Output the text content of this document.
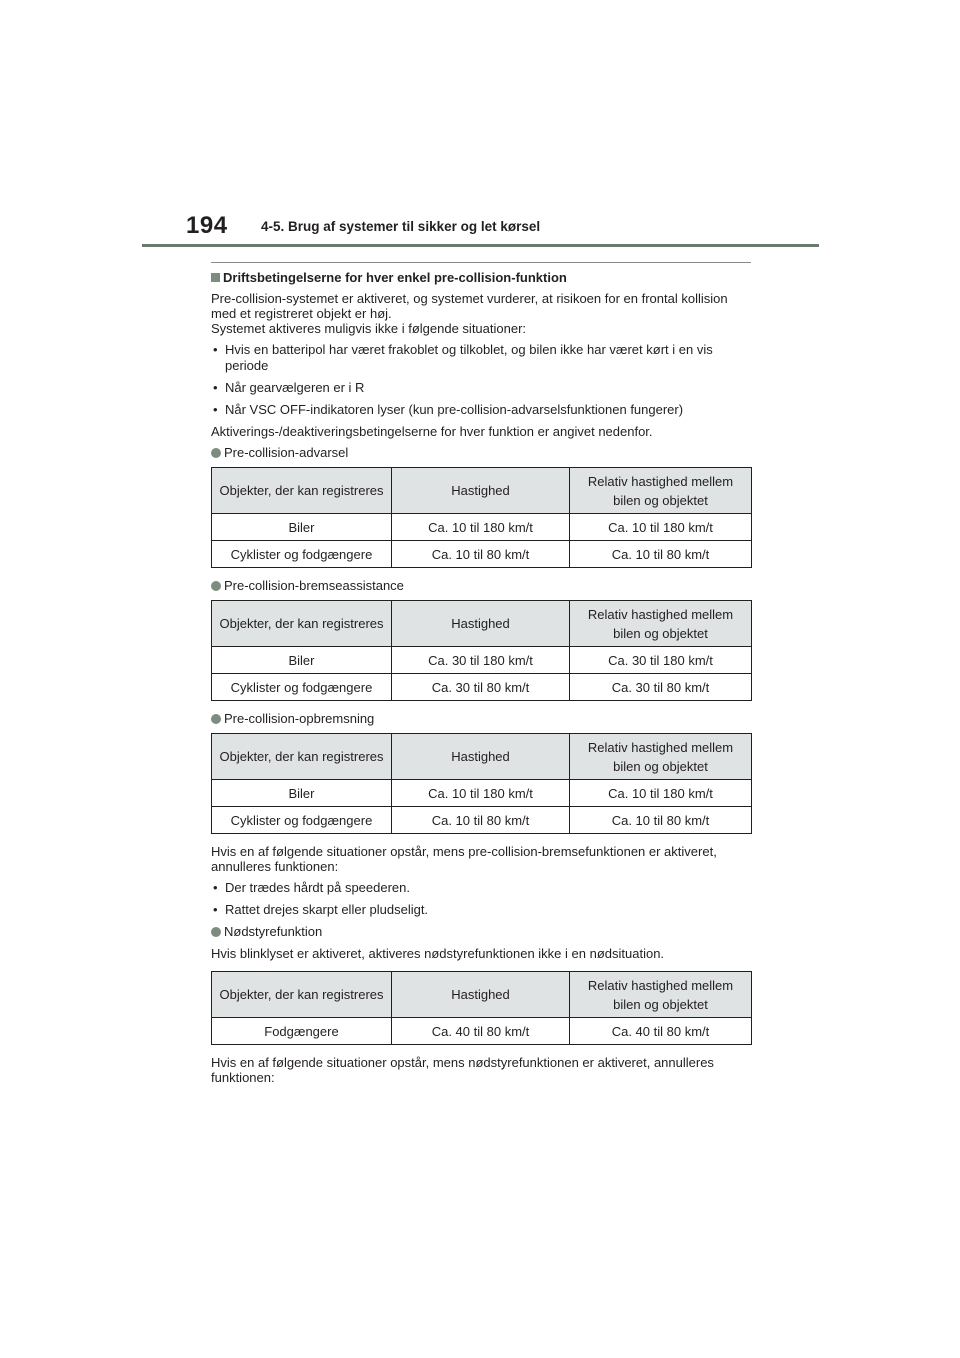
194 4-5. Brug af systemer til sikker og let kørsel
Driftsbetingelserne for hver enkel pre-collision-funktion

Pre-collision-systemet er aktiveret, og systemet vurderer, at risikoen for en frontal kollision med et registreret objekt er høj.

Systemet aktiveres muligvis ikke i følgende situationer:

• Hvis en batteripol har været frakoblet og tilkoblet, og bilen ikke har været kørt i en vis periode
• Når gearvælgeren er i R
• Når VSC OFF-indikatoren lyser (kun pre-collision-advarselsfunktionen fungerer)

Aktiverings-/deaktiveringsbetingelserne for hver funktion er angivet nedenfor.

Pre-collision-advarsel
Objekter, der kan registreres	Hastighed	Relativ hastighed mellem bilen og objektet
Biler	Ca. 10 til 180 km/t	Ca. 10 til 180 km/t
Cyklister og fodgængere	Ca. 10 til 80 km/t	Ca. 10 til 80 km/t
Pre-collision-bremseassistance
Objekter, der kan registreres	Hastighed	Relativ hastighed mellem bilen og objektet
Biler	Ca. 30 til 180 km/t	Ca. 30 til 180 km/t
Cyklister og fodgængere	Ca. 30 til 80 km/t	Ca. 30 til 80 km/t
Pre-collision-opbremsning
Objekter, der kan registreres	Hastighed	Relativ hastighed mellem bilen og objektet
Biler	Ca. 10 til 180 km/t	Ca. 10 til 180 km/t
Cyklister og fodgængere	Ca. 10 til 80 km/t	Ca. 10 til 80 km/t

Hvis en af følgende situationer opstår, mens pre-collision-bremsefunktionen er aktiveret, annulleres funktionen:

• Der trædes hårdt på speederen.
• Rattet drejes skarpt eller pludseligt.
Nødstyrefunktion

Hvis blinklyset er aktiveret, aktiveres nødstyrefunktionen ikke i en nødsituation.

Objekter, der kan registreres	Hastighed	Relativ hastighed mellem bilen og objektet
Fodgængere	Ca. 40 til 80 km/t	Ca. 40 til 80 km/t

Hvis en af følgende situationer opstår, mens nødstyrefunktionen er aktiveret, annulleres funktionen:
